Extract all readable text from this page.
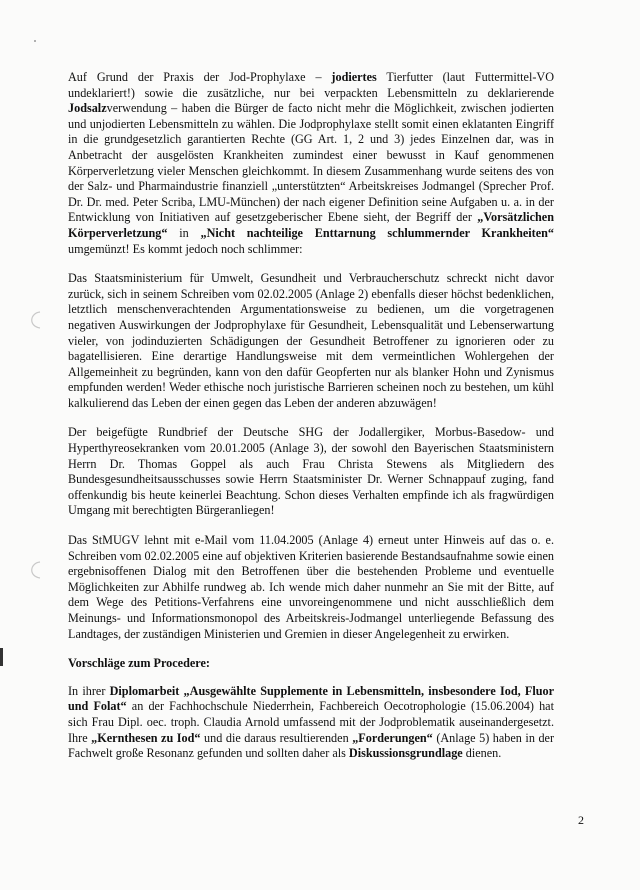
Auf Grund der Praxis der Jod-Prophylaxe – jodiertes Tierfutter (laut Futtermittel-VO undeklariert!) sowie die zusätzliche, nur bei verpackten Lebensmitteln zu deklarierende Jodsalzverwendung – haben die Bürger de facto nicht mehr die Möglichkeit, zwischen jodierten und unjodierten Lebensmitteln zu wählen. Die Jodprophylaxe stellt somit einen eklatanten Eingriff in die grundgesetzlich garantierten Rechte (GG Art. 1, 2 und 3) jedes Einzelnen dar, was in Anbetracht der ausgelösten Krankheiten zumindest einer bewusst in Kauf genommenen Körperverletzung vieler Menschen gleichkommt. In diesem Zusammenhang wurde seitens des von der Salz- und Pharmaindustrie finanziell „unterstützten“ Arbeitskreises Jodmangel (Sprecher Prof. Dr. Dr. med. Peter Scriba, LMU-München) der nach eigener Definition seine Aufgaben u. a. in der Entwicklung von Initiativen auf gesetzgeberischer Ebene sieht, der Begriff der „Vorsätzlichen Körperverletzung“ in „Nicht nachteilige Enttarnung schlummernder Krankheiten“ umgemünzt! Es kommt jedoch noch schlimmer:

Das Staatsministerium für Umwelt, Gesundheit und Verbraucherschutz schreckt nicht davor zurück, sich in seinem Schreiben vom 02.02.2005 (Anlage 2) ebenfalls dieser höchst bedenklichen, letztlich menschenverachtenden Argumentationsweise zu bedienen, um die vorgetragenen negativen Auswirkungen der Jodprophylaxe für Gesundheit, Lebensqualität und Lebenserwartung vieler, von jodinduzierten Schädigungen der Gesundheit Betroffener zu ignorieren oder zu bagatellisieren. Eine derartige Handlungsweise mit dem vermeintlichen Wohlergehen der Allgemeinheit zu begründen, kann von den dafür Geopferten nur als blanker Hohn und Zynismus empfunden werden! Weder ethische noch juristische Barrieren scheinen noch zu bestehen, um kühl kalkulierend das Leben der einen gegen das Leben der anderen abzuwägen!

Der beigefügte Rundbrief der Deutsche SHG der Jodallergiker, Morbus-Basedow- und Hyperthyreosekranken vom 20.01.2005 (Anlage 3), der sowohl den Bayerischen Staatsministern Herrn Dr. Thomas Goppel als auch Frau Christa Stewens als Mitgliedern des Bundesgesundheitsausschusses sowie Herrn Staatsminister Dr. Werner Schnappauf zuging, fand offenkundig bis heute keinerlei Beachtung. Schon dieses Verhalten empfinde ich als fragwürdigen Umgang mit berechtigten Bürgeranliegen!

Das StMUGV lehnt mit e-Mail vom 11.04.2005 (Anlage 4) erneut unter Hinweis auf das o. e. Schreiben vom 02.02.2005 eine auf objektiven Kriterien basierende Bestandsaufnahme sowie einen ergebnisoffenen Dialog mit den Betroffenen über die bestehenden Probleme und eventuelle Möglichkeiten zur Abhilfe rundweg ab. Ich wende mich daher nunmehr an Sie mit der Bitte, auf dem Wege des Petitions-Verfahrens eine unvoreingenommene und nicht ausschließlich dem Meinungs- und Informationsmonopol des Arbeitskreis-Jodmangel unterliegende Befassung des Landtages, der zuständigen Ministerien und Gremien in dieser Angelegenheit zu erwirken.

Vorschläge zum Procedere:

In ihrer Diplomarbeit „Ausgewählte Supplemente in Lebensmitteln, insbesondere Iod, Fluor und Folat“ an der Fachhochschule Niederrhein, Fachbereich Oecotrophologie (15.06.2004) hat sich Frau Dipl. oec. troph. Claudia Arnold umfassend mit der Jodproblematik auseinandergesetzt. Ihre „Kernthesen zu Iod“ und die daraus resultierenden „Forderungen“ (Anlage 5) haben in der Fachwelt große Resonanz gefunden und sollten daher als Diskussionsgrundlage dienen.

2
